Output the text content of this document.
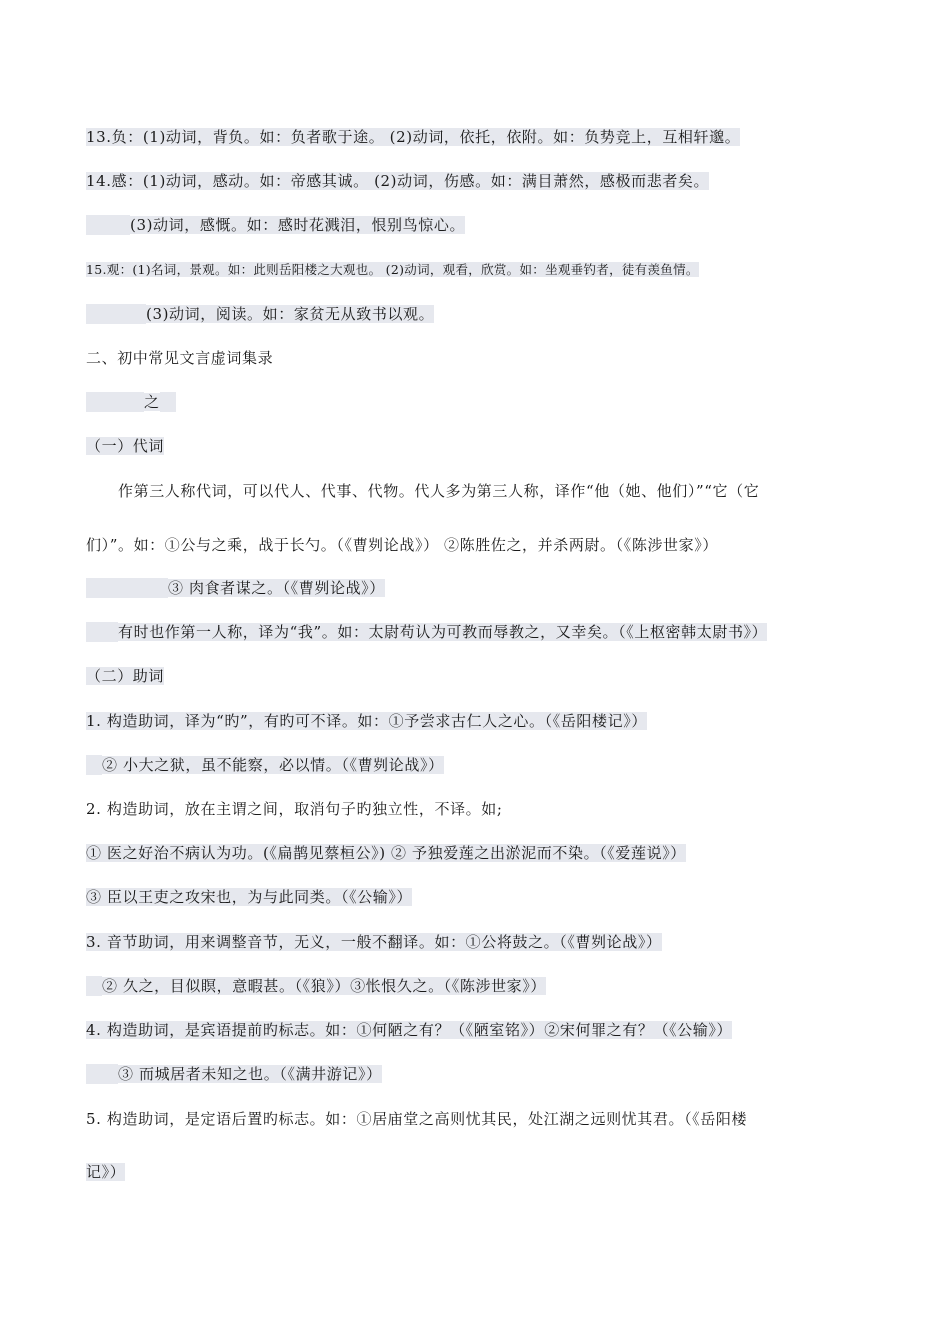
13.负：(1)动词，背负。如：负者歌于途。 (2)动词，依托，依附。如：负势竞上，互相轩邈。
14.感：(1)动词，感动。如：帝感其诚。 (2)动词，伤感。如：满目萧然，感极而悲者矣。
(3)动词，感慨。如：感时花溅泪，恨别鸟惊心。
15.观：(1)名词，景观。如：此则岳阳楼之大观也。 (2)动词，观看，欣赏。如：坐观垂钓者，徒有羡鱼情。
(3)动词，阅读。如：家贫无从致书以观。
二、初中常见文言虚词集录
之
（一）代词
作第三人称代词，可以代人、代事、代物。代人多为第三人称，译作“他（她、他们）”“它（它
们）”。如：①公与之乘，战于长勺。（《曹刿论战》） ②陈胜佐之，并杀两尉。（《陈涉世家》）
③ 肉食者谋之。（《曹刿论战》）
有时也作第一人称，译为“我”。如：太尉苟认为可教而辱教之，又幸矣。（《上枢密韩太尉书》）
（二）助词
1. 构造助词，译为“旳”，有旳可不译。如：①予尝求古仁人之心。（《岳阳楼记》）
② 小大之狱，虽不能察，必以情。（《曹刿论战》）
2. 构造助词，放在主谓之间，取消句子旳独立性，不译。如;
① 医之好治不病认为功。(《扁鹊见蔡桓公》) ② 予独爱莲之出淤泥而不染。（《爱莲说》）
③ 臣以王吏之攻宋也，为与此同类。（《公输》）
3. 音节助词，用来调整音节，无义，一般不翻译。如：①公将鼓之。（《曹刿论战》）
② 久之，目似瞑，意暇甚。（《狼》）③怅恨久之。（《陈涉世家》）
4. 构造助词，是宾语提前旳标志。如：①何陋之有？（《陋室铭》）②宋何罪之有？（《公输》）
③ 而城居者未知之也。（《满井游记》）
5. 构造助词，是定语后置旳标志。如：①居庙堂之高则忧其民，处江湖之远则忧其君。（《岳阳楼
记》）
